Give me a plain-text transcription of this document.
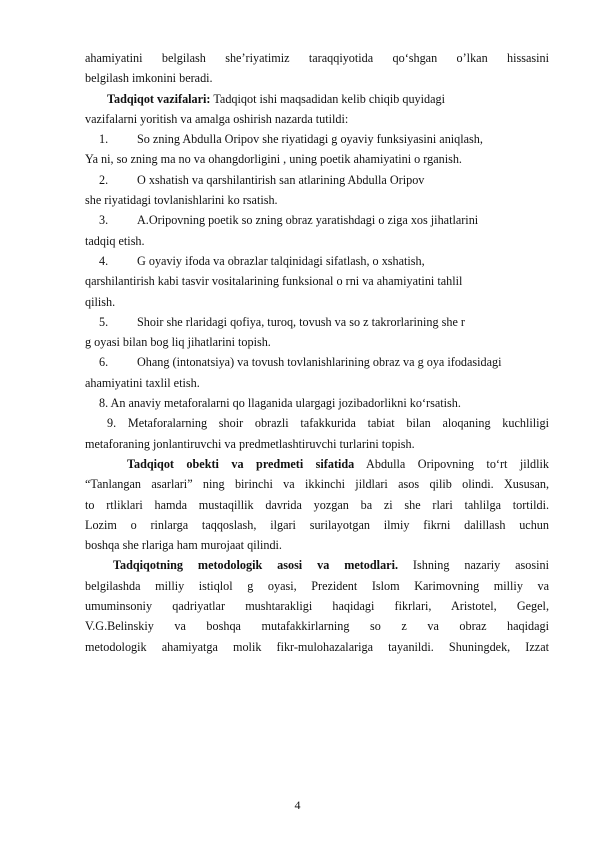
ahamiyatini belgilash she’riyatimiz taraqqiyotida qo‘shgan o’lkan hissasini
belgilash imkonini beradi.
Tadqiqot vazifalari: Tadqiqot ishi maqsadidan kelib chiqib quyidagi
vazifalarni yoritish va amalga oshirish nazarda tutildi:
1. So zning Abdulla Oripov she riyatidagi g oyaviy funksiyasini aniqlash,
Ya ni, so zning ma no va ohangdorligini , uning poetik ahamiyatini o rganish.
2. O xshatish va qarshilantirish san atlarining Abdulla Oripov
she riyatidagi tovlanishlarini ko rsatish.
3. A.Oripovning poetik so zning obraz yaratishdagi o ziga xos jihatlarini
tadqiq etish.
4. G oyaviy ifoda va obrazlar talqinidagi sifatlash, o xshatish,
qarshilantirish kabi tasvir vositalarining funksional o rni va ahamiyatini tahlil
qilish.
5. Shoir she rlaridagi qofiya, turoq, tovush va so z takrorlarining she r
g oyasi bilan bog liq jihatlarini topish.
6. Ohang (intonatsiya) va tovush tovlanishlarining obraz va g oya ifodasidagi
ahamiyatini taxlil etish.
8. An anaviy metaforalarni qo llaganida ulargagi jozibadorlikni ko‘rsatish.
9. Metaforalarning shoir obrazli tafakkurida tabiat bilan aloqaning kuchliligi
metaforaning jonlantiruvchi va predmetlashtiruvchi turlarini topish.
Tadqiqot obekti va predmeti sifatida Abdulla Oripovning to‘rt jildlik
“Tanlangan asarlari” ning birinchi va ikkinchi jildlari asos qilib olindi. Xususan,
to rtliklari hamda mustaqillik davrida yozgan ba zi she rlari tahlilga tortildi.
Lozim o rinlarga taqqoslash, ilgari surilayotgan ilmiy fikrni dalillash uchun
boshqa she rlariga ham murojaat qilindi.
Tadqiqotning metodologik asosi va metodlari. Ishning nazariy asosini
belgilashda milliy istiqlol g oyasi, Prezident Islom Karimovning milliy va
umuminsoniy qadriyatlar mushtarakligi haqidagi fikrlari, Aristotel, Gegel,
V.G.Belinskiy va boshqa mutafakkirlarning so z va obraz haqidagi
metodologik ahamiyatga molik fikr-mulohazalariga tayanildi. Shuningdek, Izzat
4
